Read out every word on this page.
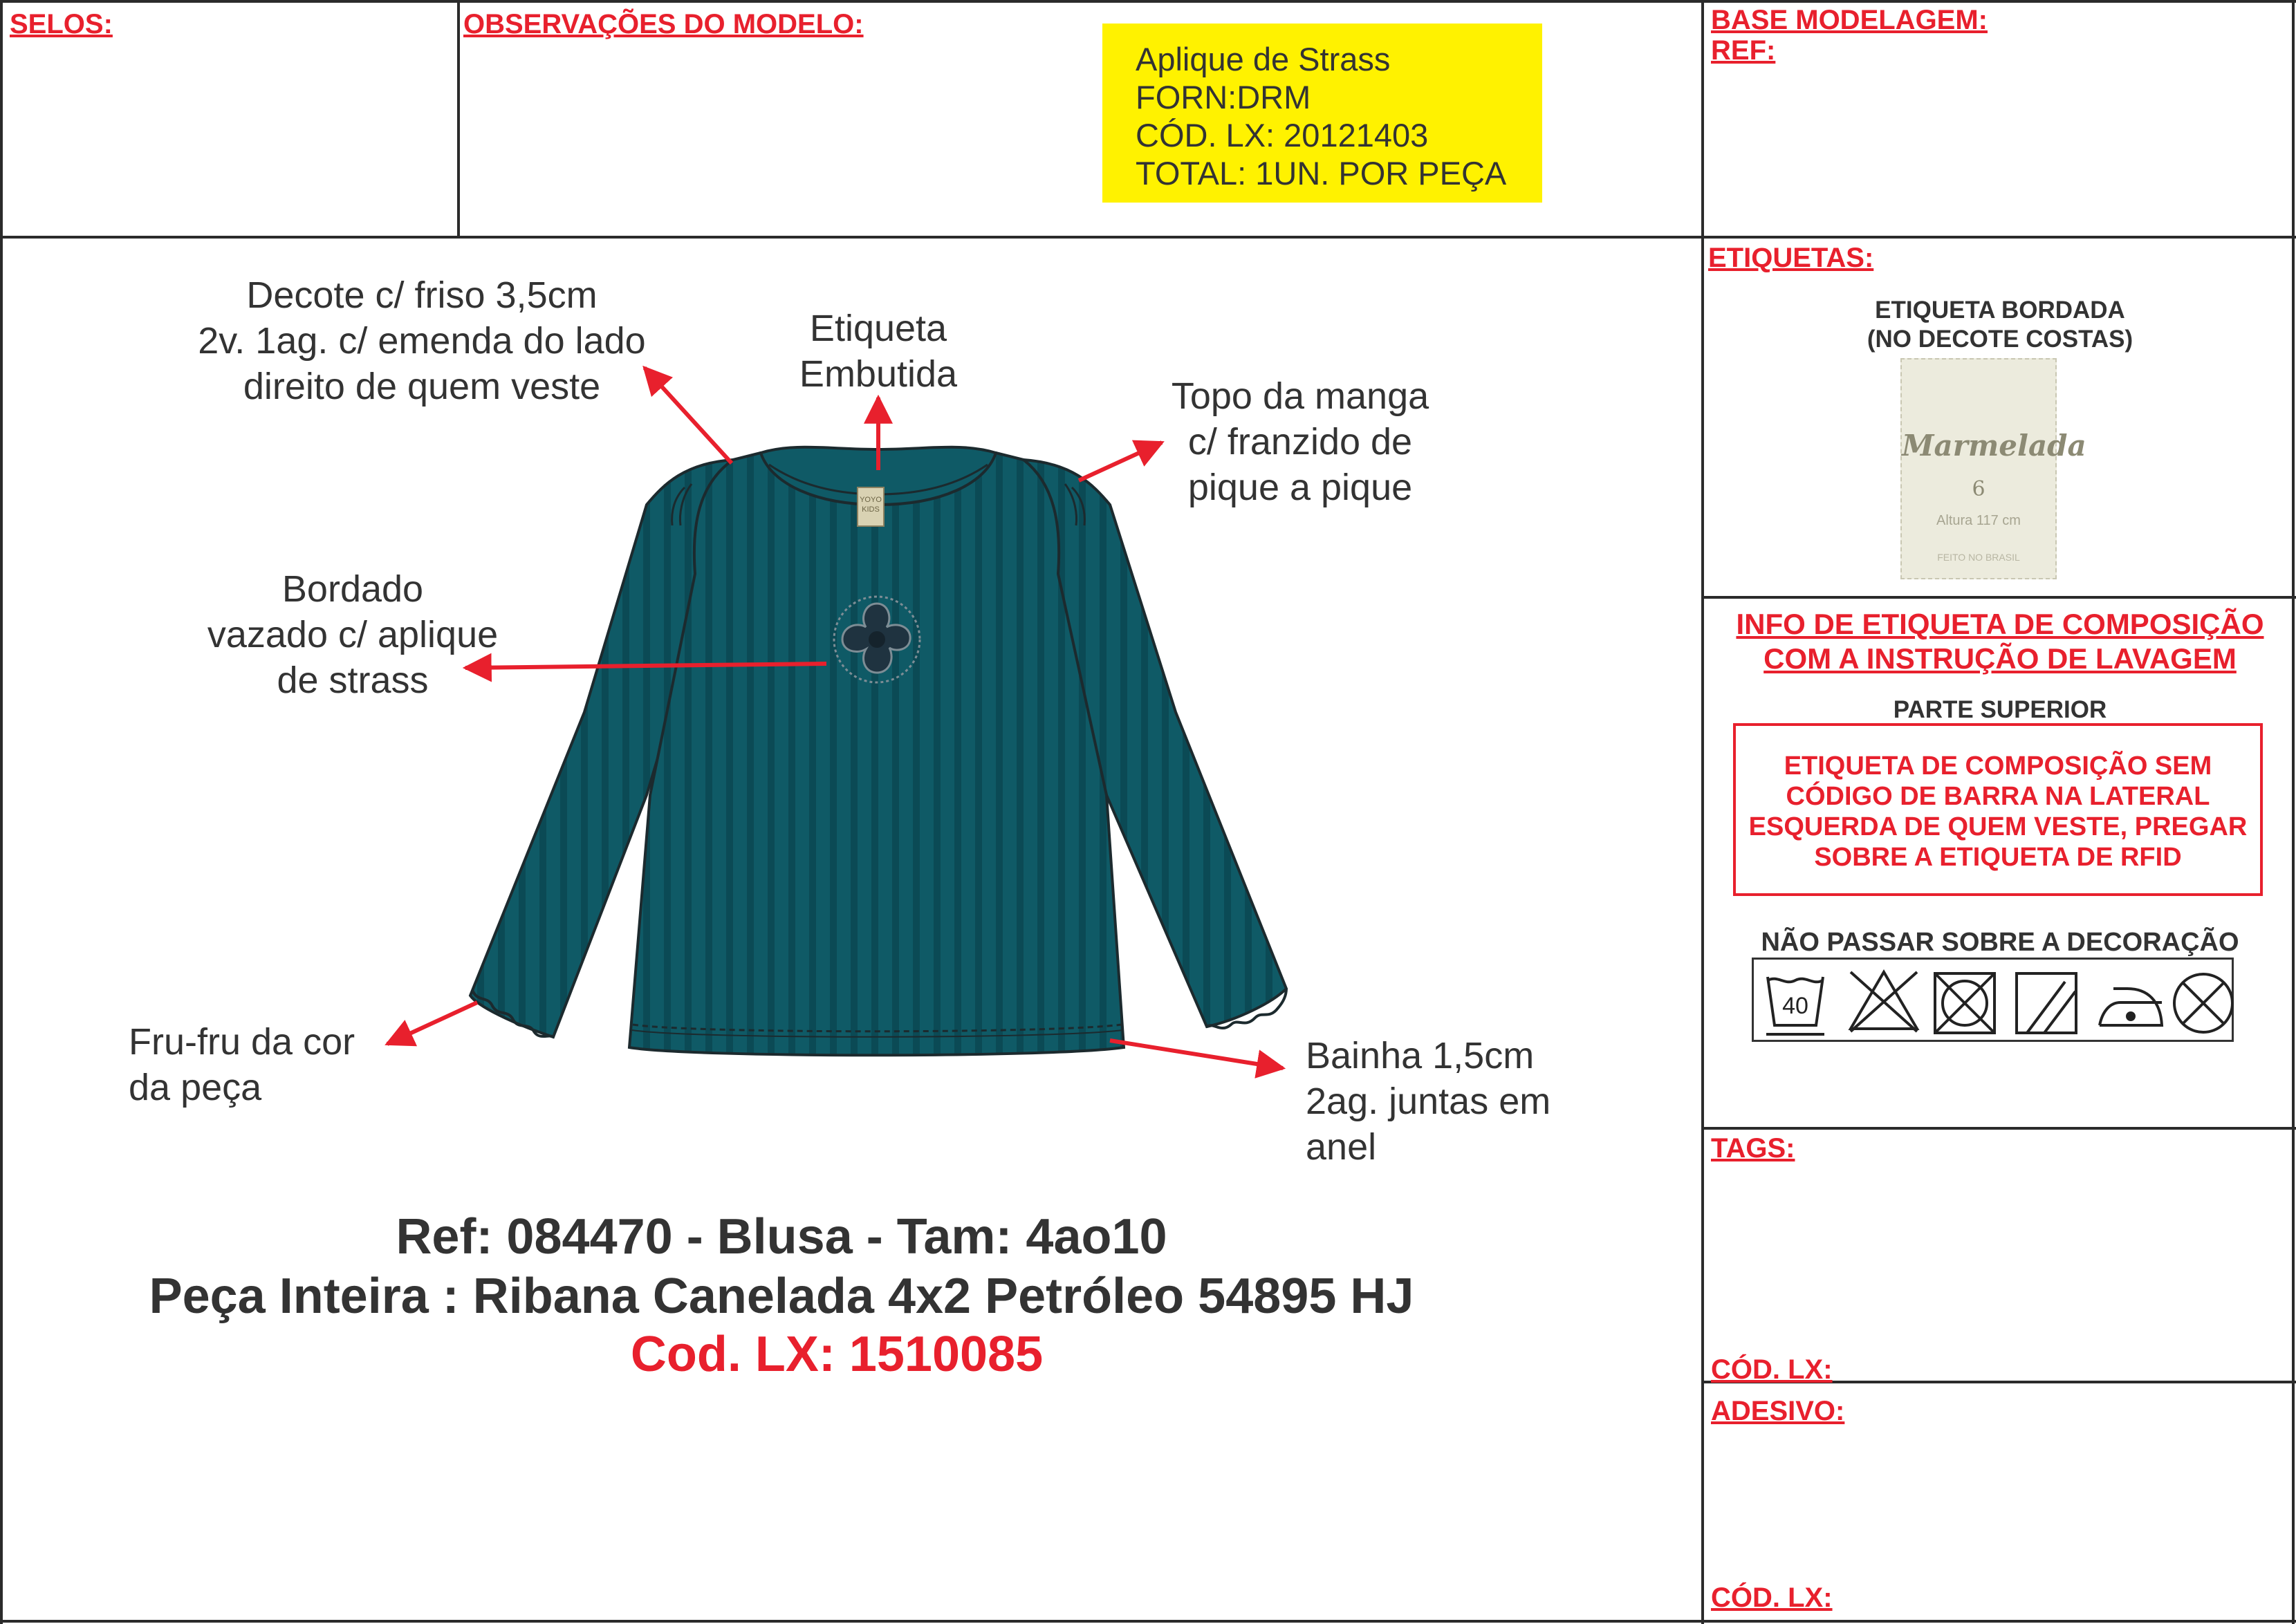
SELOS:	OBSERVAÇÕES DO MODELO:	BASE MODELAGEM:
REF:
ETIQUETAS:
TAGS:
CÓD. LX:
ADESIVO:
CÓD. LX:
Aplique de Strass
FORN:DRM
CÓD. LX: 20121403
TOTAL: 1UN. POR PEÇA
YOYO
KIDS
Decote c/ friso 3,5cm
2v. 1ag. c/ emenda do lado
direito de quem veste
Etiqueta
Embutida
Topo da manga
c/ franzido de
pique a pique
Bordado
vazado c/ aplique
de strass
Fru-fru da cor
da peça
Bainha 1,5cm
2ag. juntas em
anel
Ref: 084470 - Blusa - Tam: 4ao10
Peça Inteira : Ribana Canelada 4x2 Petróleo 54895 HJ
Cod. LX: 1510085
ETIQUETA BORDADA
(NO DECOTE COSTAS)
Marmelada
6
Altura 117 cm
FEITO NO BRASIL
INFO DE ETIQUETA DE COMPOSIÇÃO
COM A INSTRUÇÃO DE LAVAGEM
PARTE SUPERIOR
ETIQUETA DE COMPOSIÇÃO SEM
CÓDIGO DE BARRA NA LATERAL
ESQUERDA DE QUEM VESTE, PREGAR
SOBRE A ETIQUETA DE RFID
NÃO PASSAR SOBRE A DECORAÇÃO
40
